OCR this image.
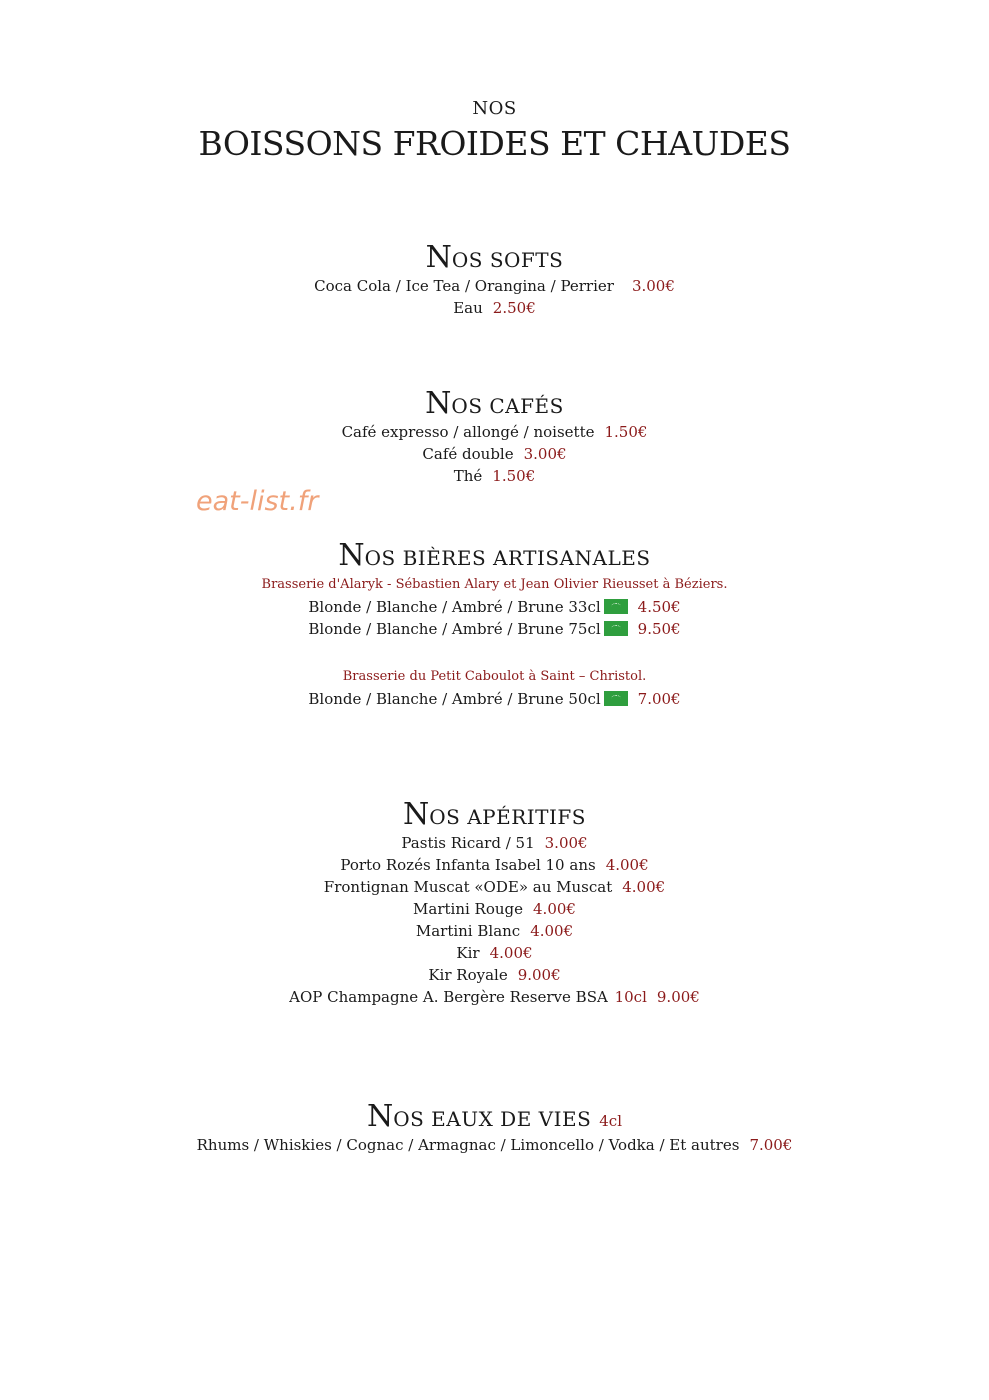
NOS
BOISSONS FROIDES ET CHAUDES
eat-list.fr
NOS SOFTS
Coca Cola / Ice Tea / Orangina / Perrier 3.00€
Eau 2.50€
NOS CAFÉS
Café expresso / allongé / noisette 1.50€
Café double 3.00€
Thé 1.50€
NOS BIÈRES ARTISANALES
Brasserie d'Alaryk - Sébastien Alary et Jean Olivier Rieusset à Béziers.
Blonde / Blanche / Ambré / Brune 33cl 4.50€
Blonde / Blanche / Ambré / Brune 75cl 9.50€
Brasserie du Petit Caboulot à Saint – Christol.
Blonde / Blanche / Ambré / Brune 50cl 7.00€
NOS APÉRITIFS
Pastis Ricard / 51 3.00€
Porto Rozés Infanta Isabel 10 ans 4.00€
Frontignan Muscat «ODE» au Muscat 4.00€
Martini Rouge 4.00€
Martini Blanc 4.00€
Kir 4.00€
Kir Royale 9.00€
AOP Champagne A. Bergère Reserve BSA 10cl 9.00€
NOS EAUX DE VIES 4cl
Rhums / Whiskies / Cognac / Armagnac / Limoncello / Vodka / Et autres 7.00€
